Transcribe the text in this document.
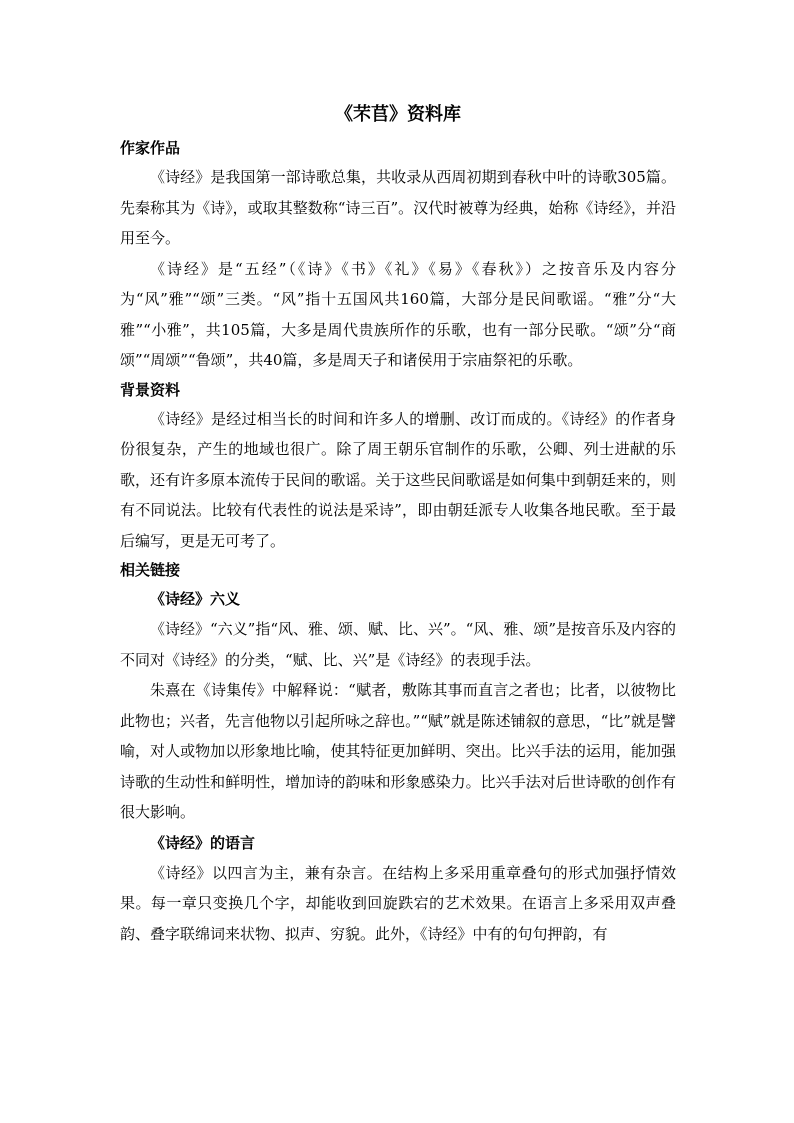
《芣苢》资料库
作家作品

《诗经》是我国第一部诗歌总集，共收录从西周初期到春秋中叶的诗歌305篇。先秦称其为《诗》，或取其整数称“诗三百”。汉代时被尊为经典，始称《诗经》，并沿用至今。

《诗经》是“五经”（《诗》《书》《礼》《易》《春秋》）之按音乐及内容分为“风”雅”“颂”三类。“风”指十五国风共160篇，大部分是民间歌谣。“雅”分“大雅”“小雅”，共105篇，大多是周代贵族所作的乐歌，也有一部分民歌。“颂”分“商颂”“周颂”“鲁颂”，共40篇，多是周天子和诸侯用于宗庙祭祀的乐歌。

背景资料

《诗经》是经过相当长的时间和许多人的增删、改订而成的。《诗经》的作者身份很复杂，产生的地域也很广。除了周王朝乐官制作的乐歌，公卿、列士进献的乐歌，还有许多原本流传于民间的歌谣。关于这些民间歌谣是如何集中到朝廷来的，则有不同说法。比较有代表性的说法是采诗”，即由朝廷派专人收集各地民歌。至于最后编写，更是无可考了。

相关链接
《诗经》六义

《诗经》“六义”指“风、雅、颂、赋、比、兴”。“风、雅、颂”是按音乐及内容的不同对《诗经》的分类，“赋、比、兴”是《诗经》的表现手法。

朱熹在《诗集传》中解释说：“赋者，敷陈其事而直言之者也；比者，以彼物比此物也；兴者，先言他物以引起所咏之辞也。”“赋”就是陈述铺叙的意思，“比”就是譬喻，对人或物加以形象地比喻，使其特征更加鲜明、突出。比兴手法的运用，能加强诗歌的生动性和鲜明性，增加诗的韵味和形象感染力。比兴手法对后世诗歌的创作有很大影响。

《诗经》的语言

《诗经》以四言为主，兼有杂言。在结构上多采用重章叠句的形式加强抒情效果。每一章只变换几个字，却能收到回旋跌宕的艺术效果。在语言上多采用双声叠韵、叠字联绵词来状物、拟声、穷貌。此外，《诗经》中有的句句押韵，有
